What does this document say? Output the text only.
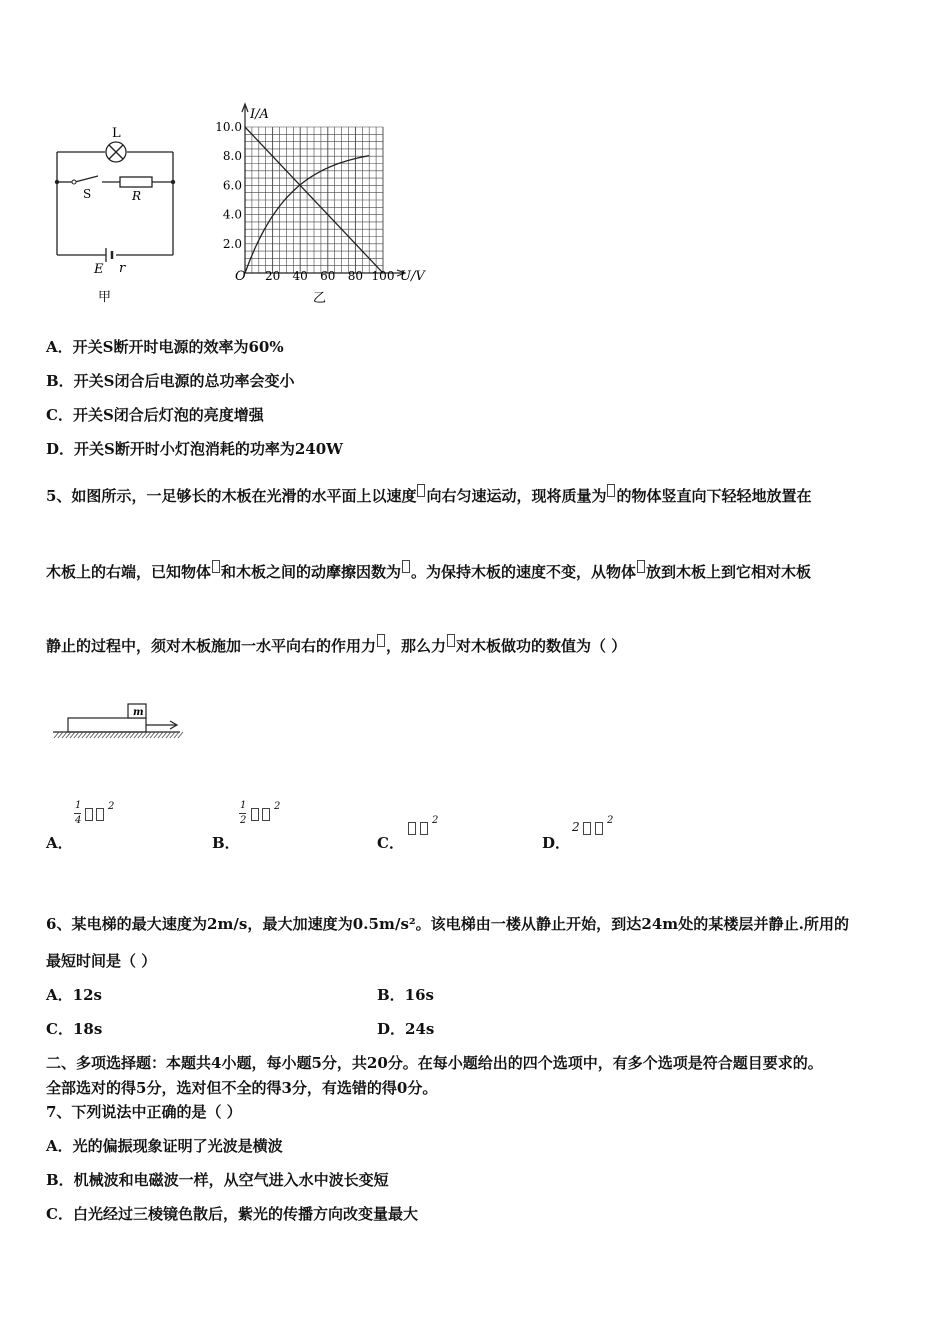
L
S	R
E r
甲
I/A
O	U/V
10.0
8.0
6.0
4.0
2.0
20 40 60 80 100
乙
A．开关S断开时电源的效率为60%
B．开关S闭合后电源的总功率会变小
C．开关S闭合后灯泡的亮度增强
D．开关S断开时小灯泡消耗的功率为240W
5、如图所示，一足够长的木板在光滑的水平面上以速度 向右匀速运动，现将质量为 的物体竖直向下轻轻地放置在
木板上的右端，已知物体 和木板之间的动摩擦因数为 。为保持木板的速度不变，从物体 放到木板上到它相对木板
静止的过程中，须对木板施加一水平向右的作用力 ，那么力 对木板做功的数值为（ ）
m
A．
1
4
2
B．
1
2
2
C．
2
D．
2	2
6、某电梯的最大速度为2m/s，最大加速度为0.5m/s²。该电梯由一楼从静止开始，到达24m处的某楼层并静止.所用的
最短时间是（ ）
A．12s	B．16s
C．18s	D．24s
二、多项选择题：本题共4小题，每小题5分，共20分。在每小题给出的四个选项中，有多个选项是符合题目要求的。
全部选对的得5分，选对但不全的得3分，有选错的得0分。
7、下列说法中正确的是（ ）
A．光的偏振现象证明了光波是横波
B．机械波和电磁波一样，从空气进入水中波长变短
C．白光经过三棱镜色散后，紫光的传播方向改变量最大
